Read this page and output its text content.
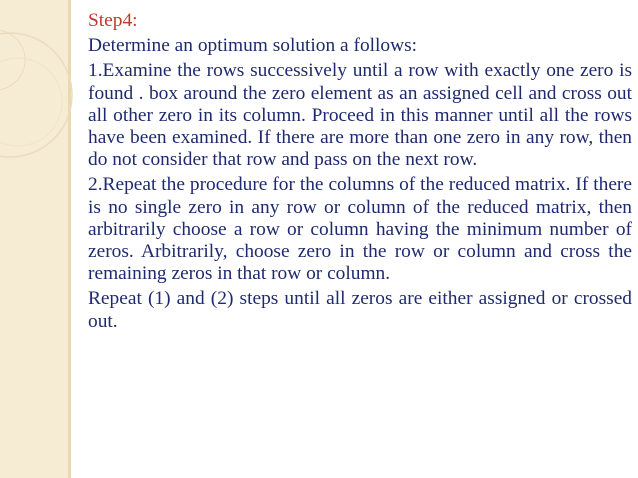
Step4:

Determine an optimum solution a follows:

1.Examine the rows successively until a row with exactly one zero is found . box around the zero element as an assigned cell and cross out all other zero in its column. Proceed in this manner until all the rows have been examined. If there are more than one zero in any row, then do not consider that row and pass on the next row.

2.Repeat the procedure for the columns of the reduced matrix. If there is no single zero in any row or column of the reduced matrix, then arbitrarily choose a row or column having the minimum number of zeros. Arbitrarily, choose zero in the row or column and cross the remaining zeros in that row or column.

Repeat (1) and (2) steps until all zeros are either assigned or crossed out.
